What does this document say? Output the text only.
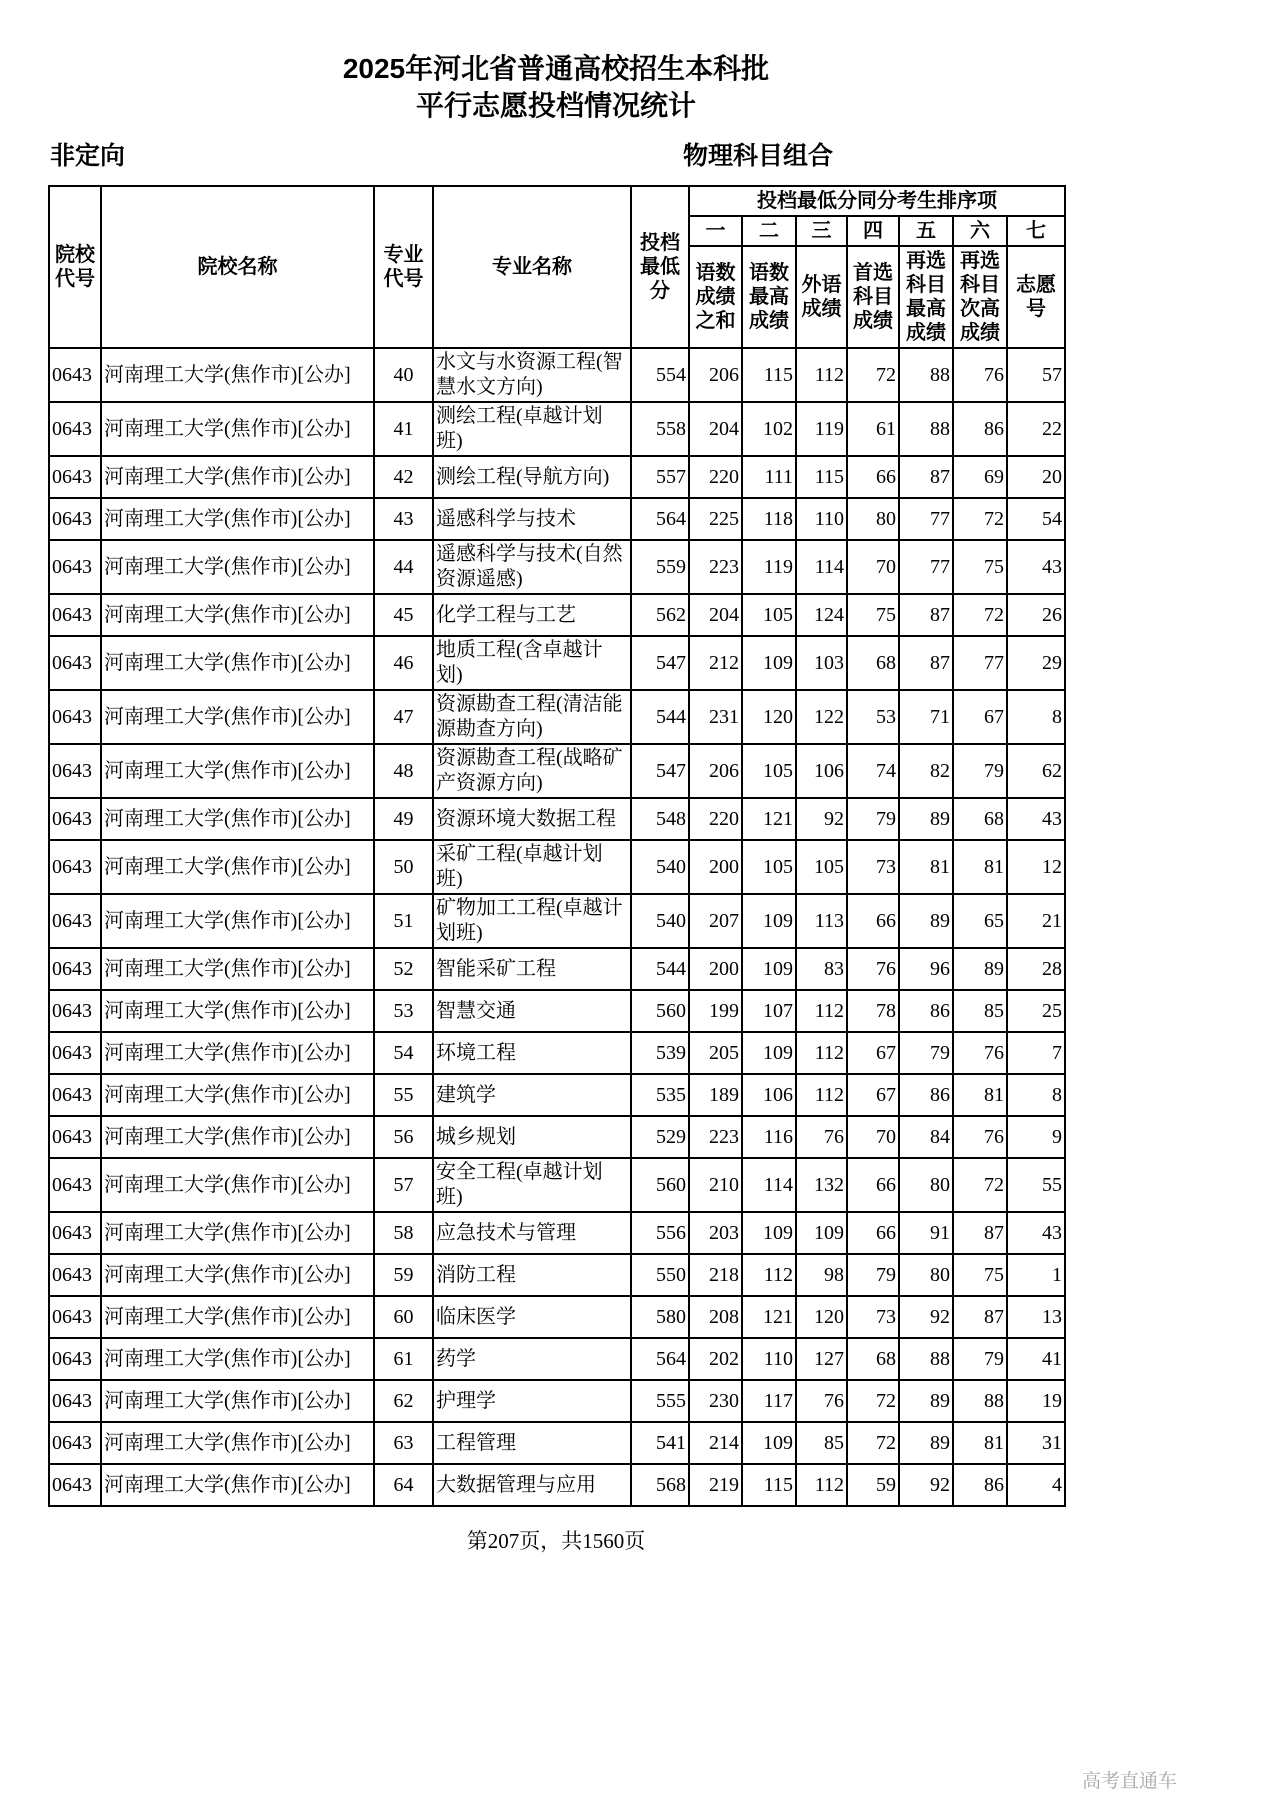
2025年河北省普通高校招生本科批
平行志愿投档情况统计
非定向	物理科目组合
院校代号	院校名称	专业代号	专业名称	投档最低分	投档最低分同分考生排序项						
					一	二	三	四	五	六	七
					语数成绩之和	语数最高成绩	外语成绩	首选科目成绩	再选科目最高成绩	再选科目次高成绩	志愿号
0643	河南理工大学(焦作市)[公办]	40	水文与水资源工程(智慧水文方向)	554	206	115	112	72	88	76	57
0643	河南理工大学(焦作市)[公办]	41	测绘工程(卓越计划班)	558	204	102	119	61	88	86	22
0643	河南理工大学(焦作市)[公办]	42	测绘工程(导航方向)	557	220	111	115	66	87	69	20
0643	河南理工大学(焦作市)[公办]	43	遥感科学与技术	564	225	118	110	80	77	72	54
0643	河南理工大学(焦作市)[公办]	44	遥感科学与技术(自然资源遥感)	559	223	119	114	70	77	75	43
0643	河南理工大学(焦作市)[公办]	45	化学工程与工艺	562	204	105	124	75	87	72	26
0643	河南理工大学(焦作市)[公办]	46	地质工程(含卓越计划)	547	212	109	103	68	87	77	29
0643	河南理工大学(焦作市)[公办]	47	资源勘查工程(清洁能源勘查方向)	544	231	120	122	53	71	67	8
0643	河南理工大学(焦作市)[公办]	48	资源勘查工程(战略矿产资源方向)	547	206	105	106	74	82	79	62
0643	河南理工大学(焦作市)[公办]	49	资源环境大数据工程	548	220	121	92	79	89	68	43
0643	河南理工大学(焦作市)[公办]	50	采矿工程(卓越计划班)	540	200	105	105	73	81	81	12
0643	河南理工大学(焦作市)[公办]	51	矿物加工工程(卓越计划班)	540	207	109	113	66	89	65	21
0643	河南理工大学(焦作市)[公办]	52	智能采矿工程	544	200	109	83	76	96	89	28
0643	河南理工大学(焦作市)[公办]	53	智慧交通	560	199	107	112	78	86	85	25
0643	河南理工大学(焦作市)[公办]	54	环境工程	539	205	109	112	67	79	76	7
0643	河南理工大学(焦作市)[公办]	55	建筑学	535	189	106	112	67	86	81	8
0643	河南理工大学(焦作市)[公办]	56	城乡规划	529	223	116	76	70	84	76	9
0643	河南理工大学(焦作市)[公办]	57	安全工程(卓越计划班)	560	210	114	132	66	80	72	55
0643	河南理工大学(焦作市)[公办]	58	应急技术与管理	556	203	109	109	66	91	87	43
0643	河南理工大学(焦作市)[公办]	59	消防工程	550	218	112	98	79	80	75	1
0643	河南理工大学(焦作市)[公办]	60	临床医学	580	208	121	120	73	92	87	13
0643	河南理工大学(焦作市)[公办]	61	药学	564	202	110	127	68	88	79	41
0643	河南理工大学(焦作市)[公办]	62	护理学	555	230	117	76	72	89	88	19
0643	河南理工大学(焦作市)[公办]	63	工程管理	541	214	109	85	72	89	81	31
0643	河南理工大学(焦作市)[公办]	64	大数据管理与应用	568	219	115	112	59	92	86	4
第207页，共1560页
高考直通车
